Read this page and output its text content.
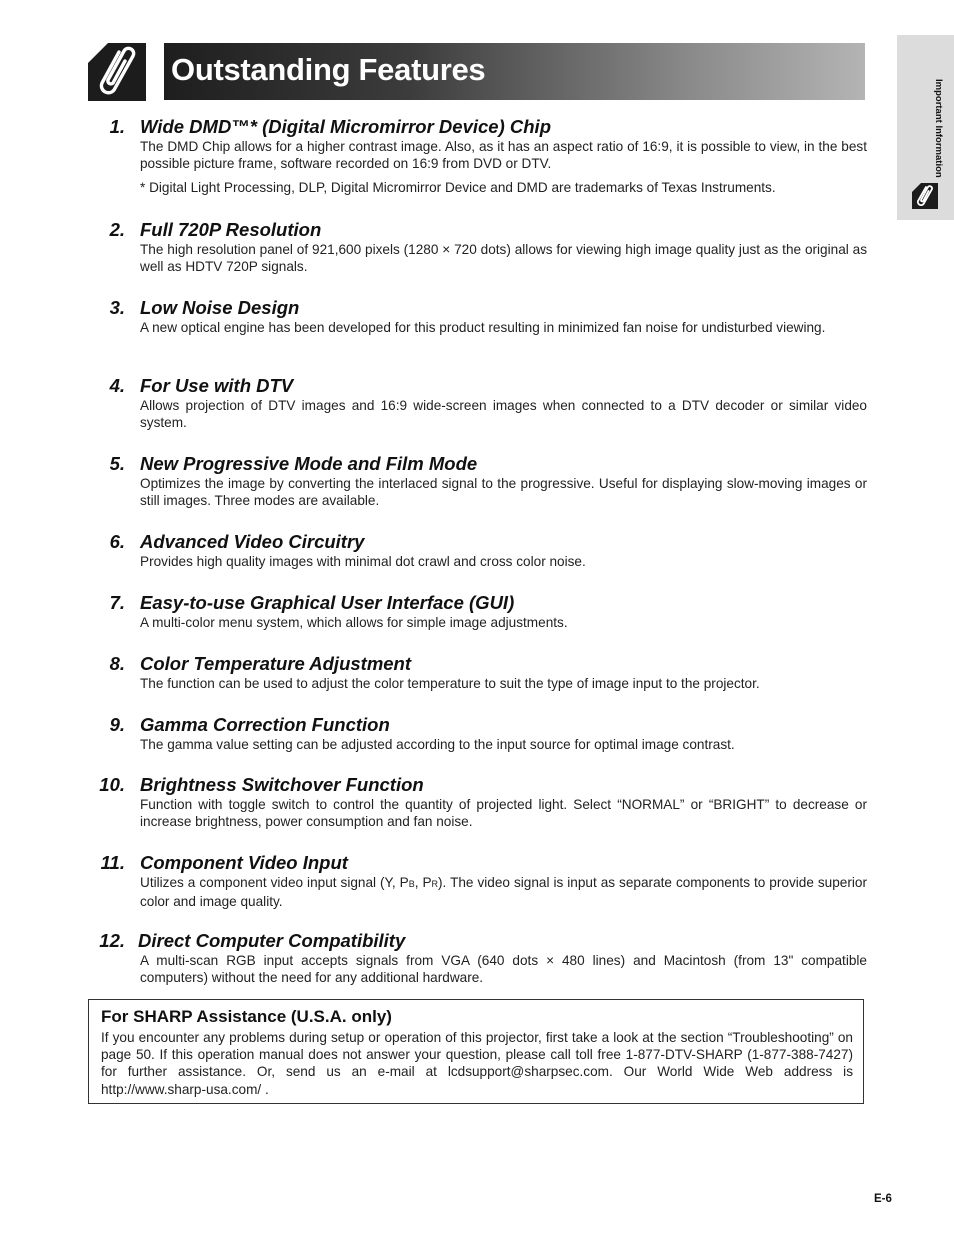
Outstanding Features
Important Information
1. Wide DMD™* (Digital Micromirror Device) Chip

The DMD Chip allows for a higher contrast image. Also, as it has an aspect ratio of 16:9, it is possible to view, in the best possible picture frame, software recorded on 16:9 from DVD or DTV.

* Digital Light Processing, DLP, Digital Micromirror Device and DMD are trademarks of Texas Instruments.

2. Full 720P Resolution

The high resolution panel of 921,600 pixels (1280 × 720 dots) allows for viewing high image quality just as the original as well as HDTV 720P signals.

3. Low Noise Design

A new optical engine has been developed for this product resulting in minimized fan noise for undisturbed viewing.

4. For Use with DTV

Allows projection of DTV images and 16:9 wide-screen images when connected to a DTV decoder or similar video system.

5. New Progressive Mode and Film Mode

Optimizes the image by converting the interlaced signal to the progressive. Useful for displaying slow-moving images or still images. Three modes are available.

6. Advanced Video Circuitry

Provides high quality images with minimal dot crawl and cross color noise.

7. Easy-to-use Graphical User Interface (GUI)

A multi-color menu system, which allows for simple image adjustments.

8. Color Temperature Adjustment

The function can be used to adjust the color temperature to suit the type of image input to the projector.

9. Gamma Correction Function

The gamma value setting can be adjusted according to the input source for optimal image contrast.

10. Brightness Switchover Function

Function with toggle switch to control the quantity of projected light. Select “NORMAL” or “BRIGHT” to decrease or increase brightness, power consumption and fan noise.

11. Component Video Input

Utilizes a component video input signal (Y, PB, PR). The video signal is input as separate components to provide superior color and image quality.

12. Direct Computer Compatibility

A multi-scan RGB input accepts signals from VGA (640 dots × 480 lines) and Macintosh (from 13" compatible computers) without the need for any additional hardware.

For SHARP Assistance (U.S.A. only)

If you encounter any problems during setup or operation of this projector, first take a look at the section “Troubleshooting” on page 50. If this operation manual does not answer your question, please call toll free 1-877-DTV-SHARP (1-877-388-7427) for further assistance. Or, send us an e-mail at lcdsupport@sharpsec.com. Our World Wide Web address is http://www.sharp-usa.com/ .

E-6
